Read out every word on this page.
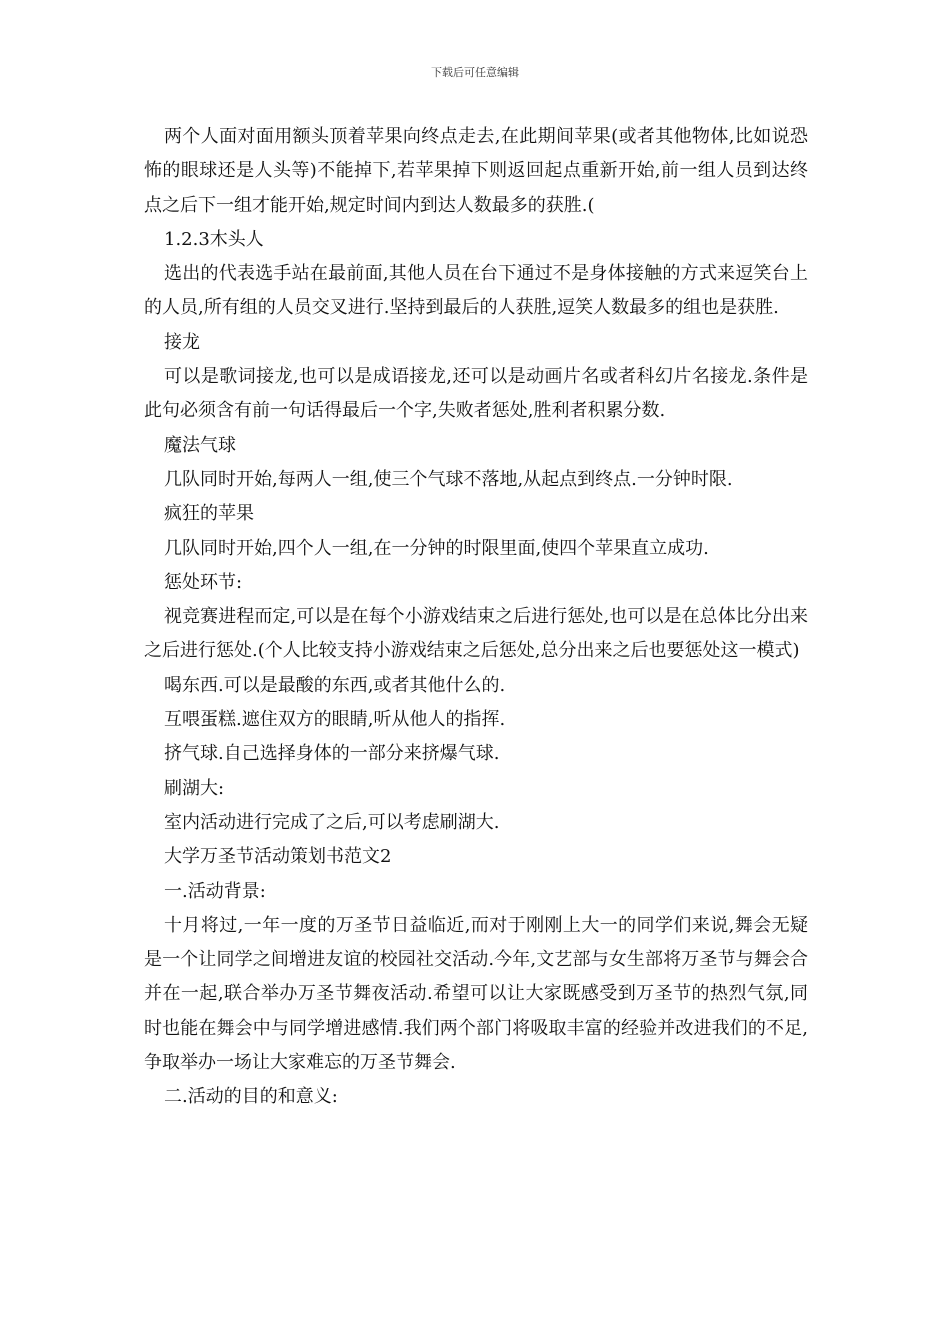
下载后可任意编辑

两个人面对面用额头顶着苹果向终点走去,在此期间苹果(或者其他物体,比如说恐怖的眼球还是人头等)不能掉下,若苹果掉下则返回起点重新开始,前一组人员到达终点之后下一组才能开始,规定时间内到达人数最多的获胜.(

1.2.3木头人

选出的代表选手站在最前面,其他人员在台下通过不是身体接触的方式来逗笑台上的人员,所有组的人员交叉进行.坚持到最后的人获胜,逗笑人数最多的组也是获胜.

接龙

可以是歌词接龙,也可以是成语接龙,还可以是动画片名或者科幻片名接龙.条件是此句必须含有前一句话得最后一个字,失败者惩处,胜利者积累分数.

魔法气球

几队同时开始,每两人一组,使三个气球不落地,从起点到终点.一分钟时限.

疯狂的苹果

几队同时开始,四个人一组,在一分钟的时限里面,使四个苹果直立成功.

惩处环节:

视竞赛进程而定,可以是在每个小游戏结束之后进行惩处,也可以是在总体比分出来之后进行惩处.(个人比较支持小游戏结束之后惩处,总分出来之后也要惩处这一模式)

喝东西.可以是最酸的东西,或者其他什么的.

互喂蛋糕.遮住双方的眼睛,听从他人的指挥.

挤气球.自己选择身体的一部分来挤爆气球.

刷湖大:

室内活动进行完成了之后,可以考虑刷湖大.

大学万圣节活动策划书范文2

一.活动背景:

十月将过,一年一度的万圣节日益临近,而对于刚刚上大一的同学们来说,舞会无疑是一个让同学之间增进友谊的校园社交活动.今年,文艺部与女生部将万圣节与舞会合并在一起,联合举办万圣节舞夜活动.希望可以让大家既感受到万圣节的热烈气氛,同时也能在舞会中与同学增进感情.我们两个部门将吸取丰富的经验并改进我们的不足,争取举办一场让大家难忘的万圣节舞会.

二.活动的目的和意义:
